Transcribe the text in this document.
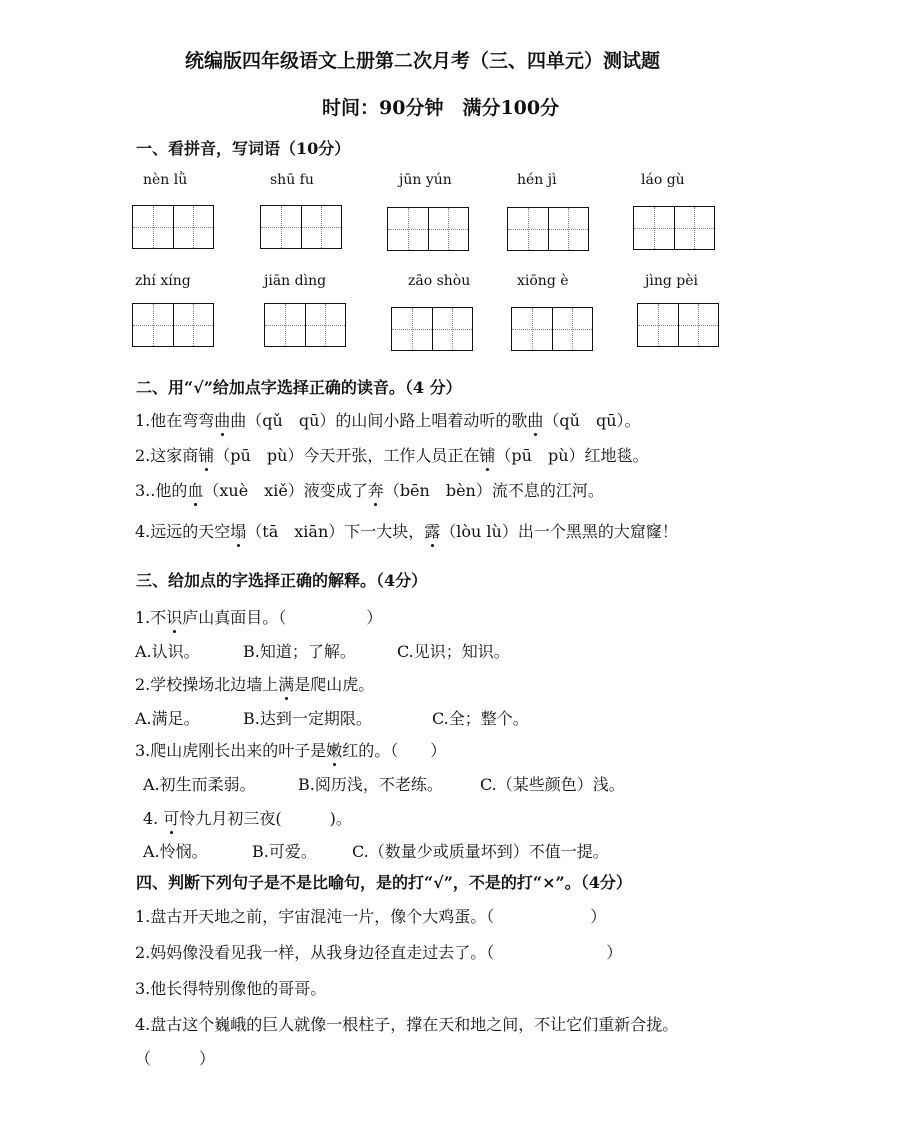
统编版四年级语文上册第二次月考（三、四单元）测试题
时间：90分钟　满分100分
一、看拼音，写词语（10分）
nèn lǜ	shū fu	jūn yún	hén jì	láo gù
zhí xíng	jiān dìng	zāo shòu	xiōng è	jìng pèi
二、用“√”给加点字选择正确的读音。（4 分）
1.他在弯弯曲曲（qǔ　qū）的山间小路上唱着动听的歌曲（qǔ　qū）。
2.这家商铺（pū　pù）今天开张，工作人员正在铺（pū　pù）红地毯。
3..他的血（xuè　xiě）液变成了奔（bēn　bèn）流不息的江河。
4.远远的天空塌（tā　xiān）下一大块，露（lòu lù）出一个黑黑的大窟窿！
三、给加点的字选择正确的解释。（4分）
1.不识庐山真面目。（　　　　　）
A.认识。	B.知道；了解。	C.见识；知识。
2.学校操场北边墙上满是爬山虎。
A.满足。	B.达到一定期限。	C.全；整个。
3.爬山虎刚长出来的叶子是嫩红的。（　　）
A.初生而柔弱。	B.阅历浅，不老练。 C.（某些颜色）浅。
4. 可怜九月初三夜(　　　)。
A.怜悯。	B.可爱。 C.（数量少或质量坏到）不值一提。
四、判断下列句子是不是比喻句，是的打“√”，不是的打“×”。（4分）
1.盘古开天地之前，宇宙混沌一片，像个大鸡蛋。（　　　　　　）
2.妈妈像没看见我一样，从我身边径直走过去了。（　　　　　　　）
3.他长得特别像他的哥哥。
4.盘古这个巍峨的巨人就像一根柱子，撑在天和地之间，不让它们重新合拢。
（　　　）
